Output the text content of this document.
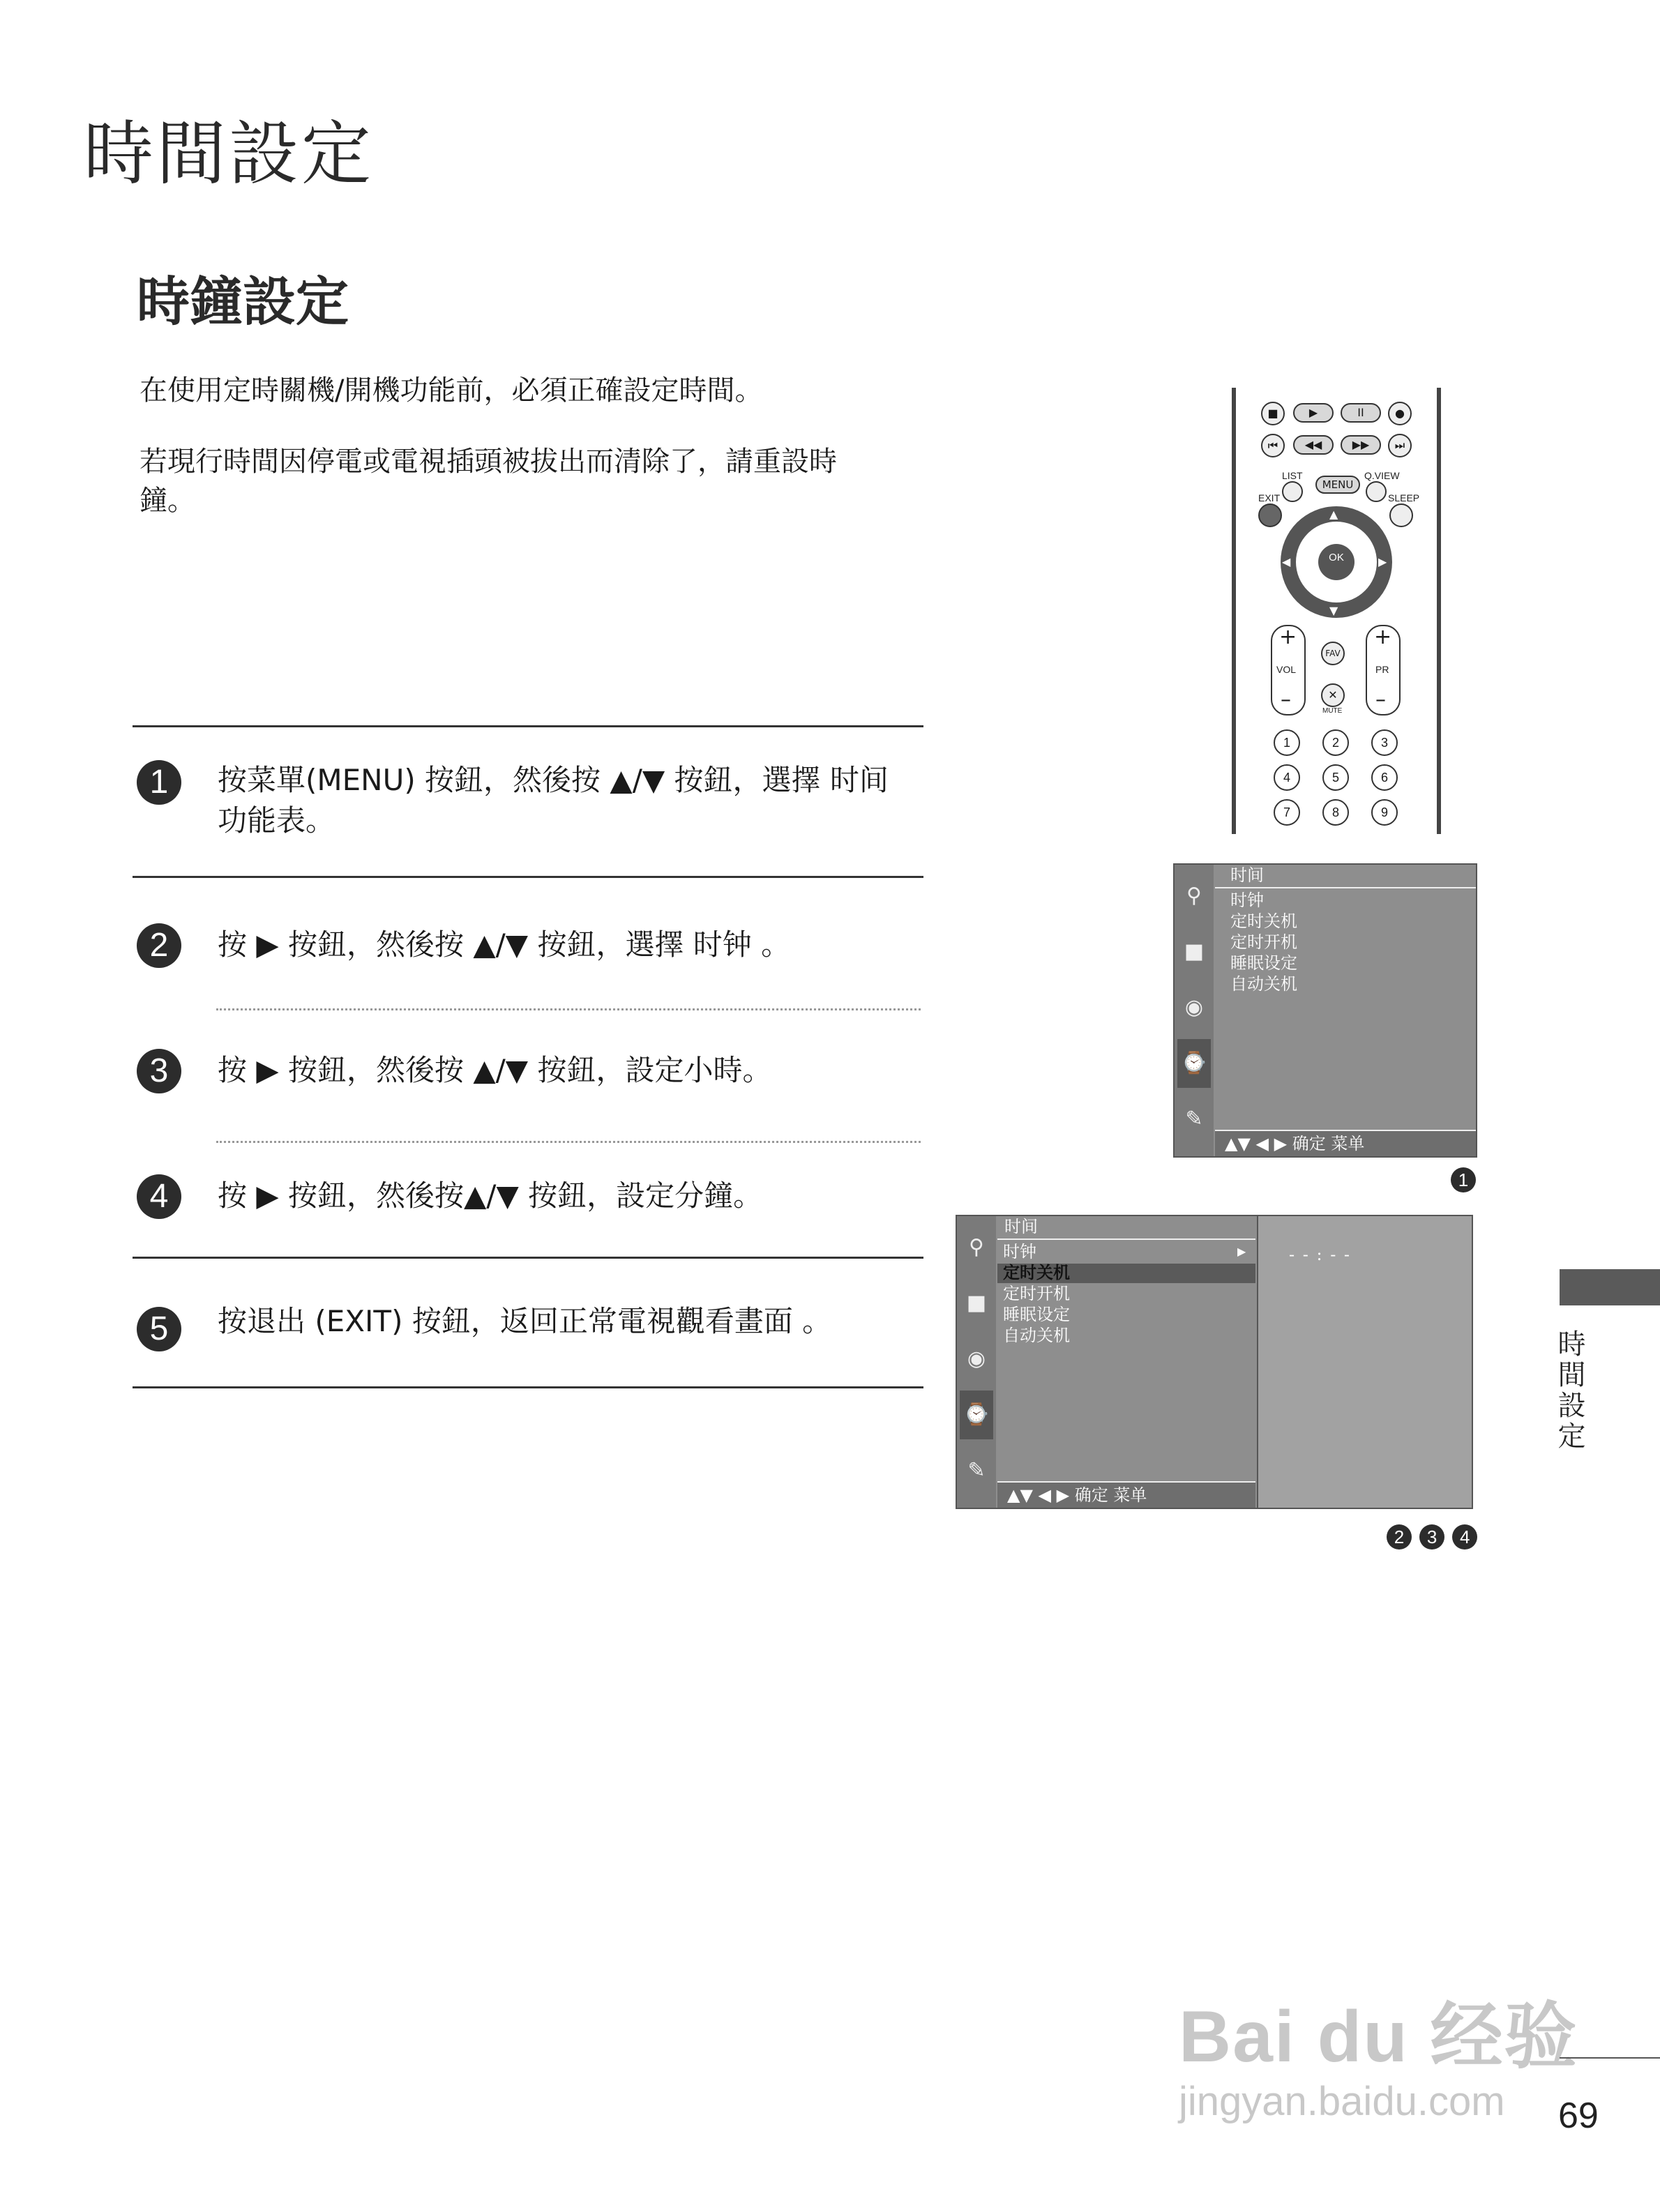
時間設定
時鐘設定
在使用定時關機/開機功能前，必須正確設定時間。
若現行時間因停電或電視插頭被拔出而清除了，請重設時
鐘。
1	按菜單(MENU) 按鈕，然後按 ▲/▼ 按鈕，選擇 时间
功能表。
2	按 ▶ 按鈕，然後按 ▲/▼ 按鈕，選擇 时钟 。
3	按 ▶ 按鈕，然後按 ▲/▼ 按鈕，設定小時。
4	按 ▶ 按鈕，然後按▲/▼ 按鈕，設定分鐘。
5	按退出 (EXIT) 按鈕，返回正常電視觀看畫面 。
■	▶	II	●
⏮	◀◀	▶▶	⏭
LIST
MENU
Q.VIEW
EXIT	SLEEP
OK
▲
▼
◀	▶
+
VOL
–
+
PR
–
FAV
✕
MUTE
1	2	3
4	5	6
7	8	9
⚲
■
◉
⌚
✎
时间
时钟
定时关机
定时开机
睡眠设定
自动关机
▲▼ ◀ ▶ 确定 菜单
1
⚲
■
◉
⌚
✎
时间
时钟	▶
定时关机
定时开机
睡眠设定
自动关机
- - : - -
▲▼ ◀ ▶ 确定 菜单
2 3 4
時間設定
Bai du 经验
jingyan.baidu.com	69
